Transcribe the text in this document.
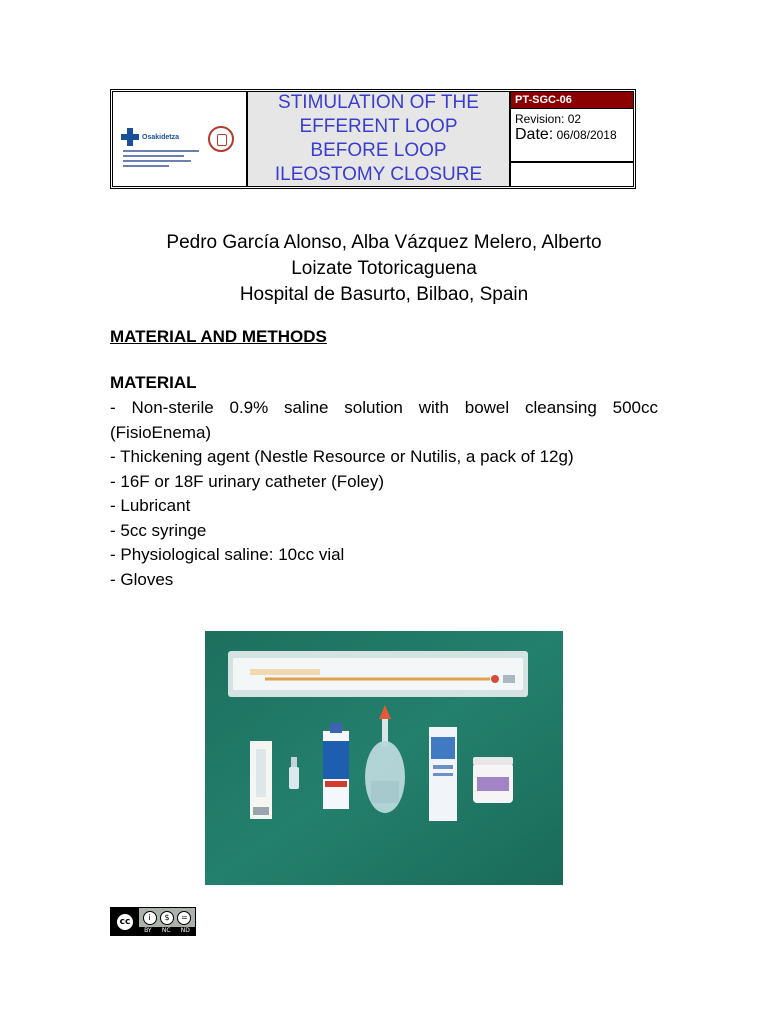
Osakidetza
STIMULATION OF THE
EFFERENT LOOP
BEFORE LOOP
ILEOSTOMY CLOSURE
PT-SGC-06
Revision: 02
Date: 06/08/2018
Pedro García Alonso, Alba Vázquez Melero, Alberto
Loizate Totoricaguena
Hospital de Basurto, Bilbao, Spain
MATERIAL AND METHODS
MATERIAL
- Non-sterile 0.9% saline solution with bowel cleansing 500cc (FisioEnema)
- Thickening agent (Nestle Resource or Nutilis, a pack of 12g)
- 16F or 18F urinary catheter (Foley)
- Lubricant
- 5cc syringe
- Physiological saline: 10cc vial
- Gloves
cc	i	$	=
BY NC ND
